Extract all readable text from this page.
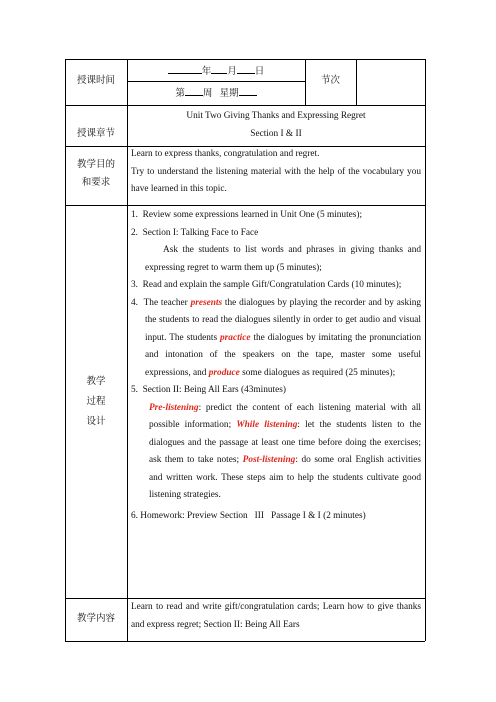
授课时间
年 月 日
第 周 星期
节次
授课章节
Unit Two Giving Thanks and Expressing Regret
Section I & II
教学目的
和要求

Learn to express thanks, congratulation and regret.

Try to understand the listening material with the help of the vocabulary you have learned in this topic.

教学
过程
设计

1.  Review some expressions learned in Unit One (5 minutes);

2.  Section I: Talking Face to Face

Ask the students to list words and phrases in giving thanks and expressing regret to warm them up (5 minutes);

3.  Read and explain the sample Gift/Congratulation Cards (10 minutes);

4.  The teacher presents the dialogues by playing the recorder and by asking the students to read the dialogues silently in order to get audio and visual input. The students practice the dialogues by imitating the pronunciation and intonation of the speakers on the tape, master some useful expressions, and produce some dialogues as required (25 minutes);

5.  Section II: Being All Ears (43minutes)

Pre-listening: predict the content of each listening material with all possible information; While listening: let the students listen to the dialogues and the passage at least one time before doing the exercises; ask them to take notes; Post-listening: do some oral English activities and written work. These steps aim to help the students cultivate good listening strategies.

6. Homework: Preview Section   III   Passage I & I (2 minutes)

教学内容
Learn to read and write gift/congratulation cards; Learn how to give thanks and express regret; Section II: Being All Ears
